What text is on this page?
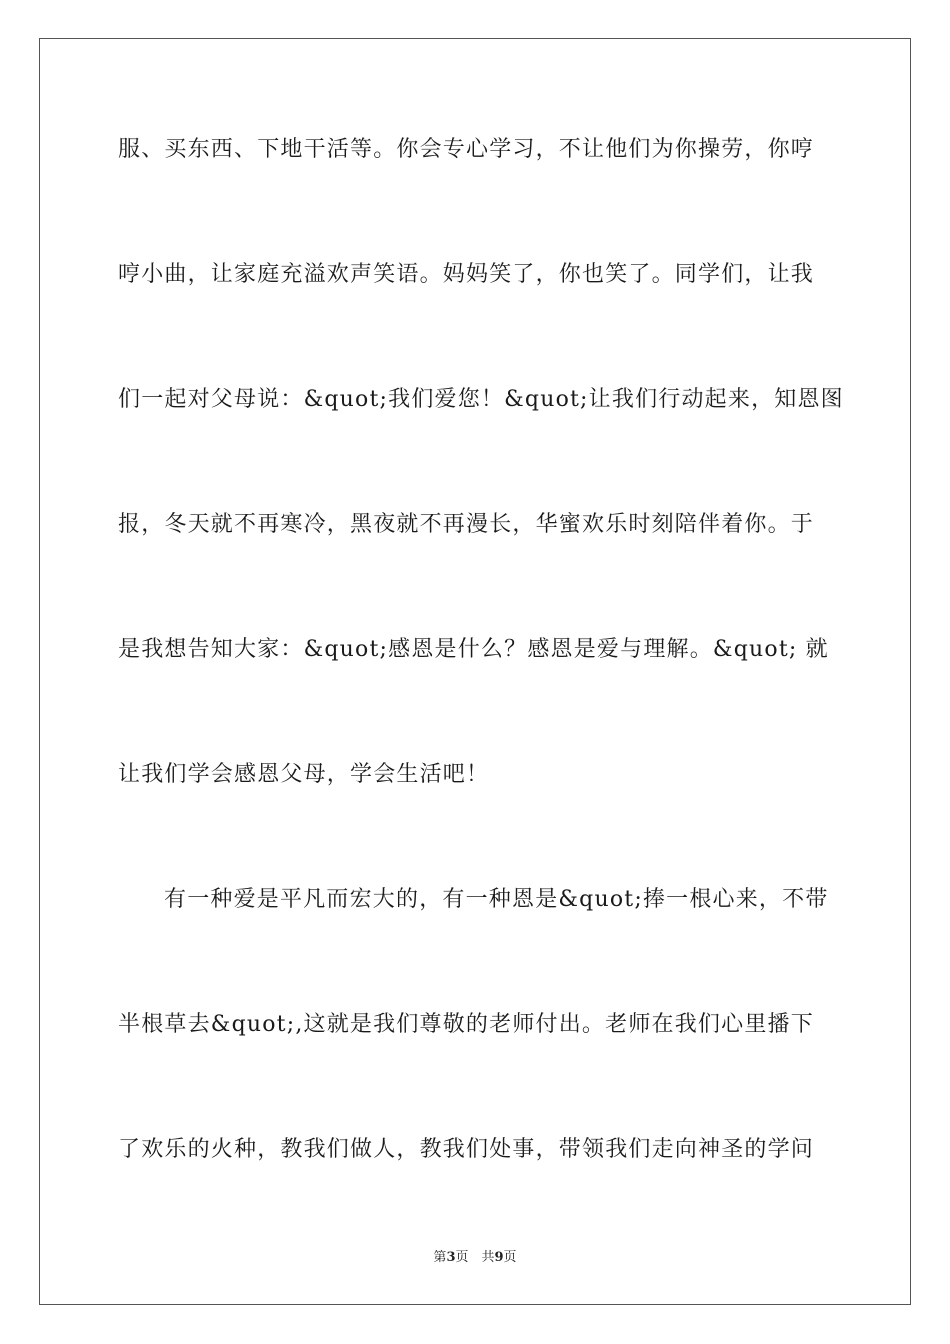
服、买东西、下地干活等。你会专心学习，不让他们为你操劳，你哼
哼小曲，让家庭充溢欢声笑语。妈妈笑了，你也笑了。同学们，让我
们一起对父母说：&quot;我们爱您！&quot;让我们行动起来，知恩图
报，冬天就不再寒冷，黑夜就不再漫长，华蜜欢乐时刻陪伴着你。于
是我想告知大家：&quot;感恩是什么？感恩是爱与理解。&quot; 就
让我们学会感恩父母，学会生活吧！
有一种爱是平凡而宏大的，有一种恩是&quot;捧一根心来，不带
半根草去&quot;,这就是我们尊敬的老师付出。老师在我们心里播下
了欢乐的火种，教我们做人，教我们处事，带领我们走向神圣的学问
第3页　共9页
